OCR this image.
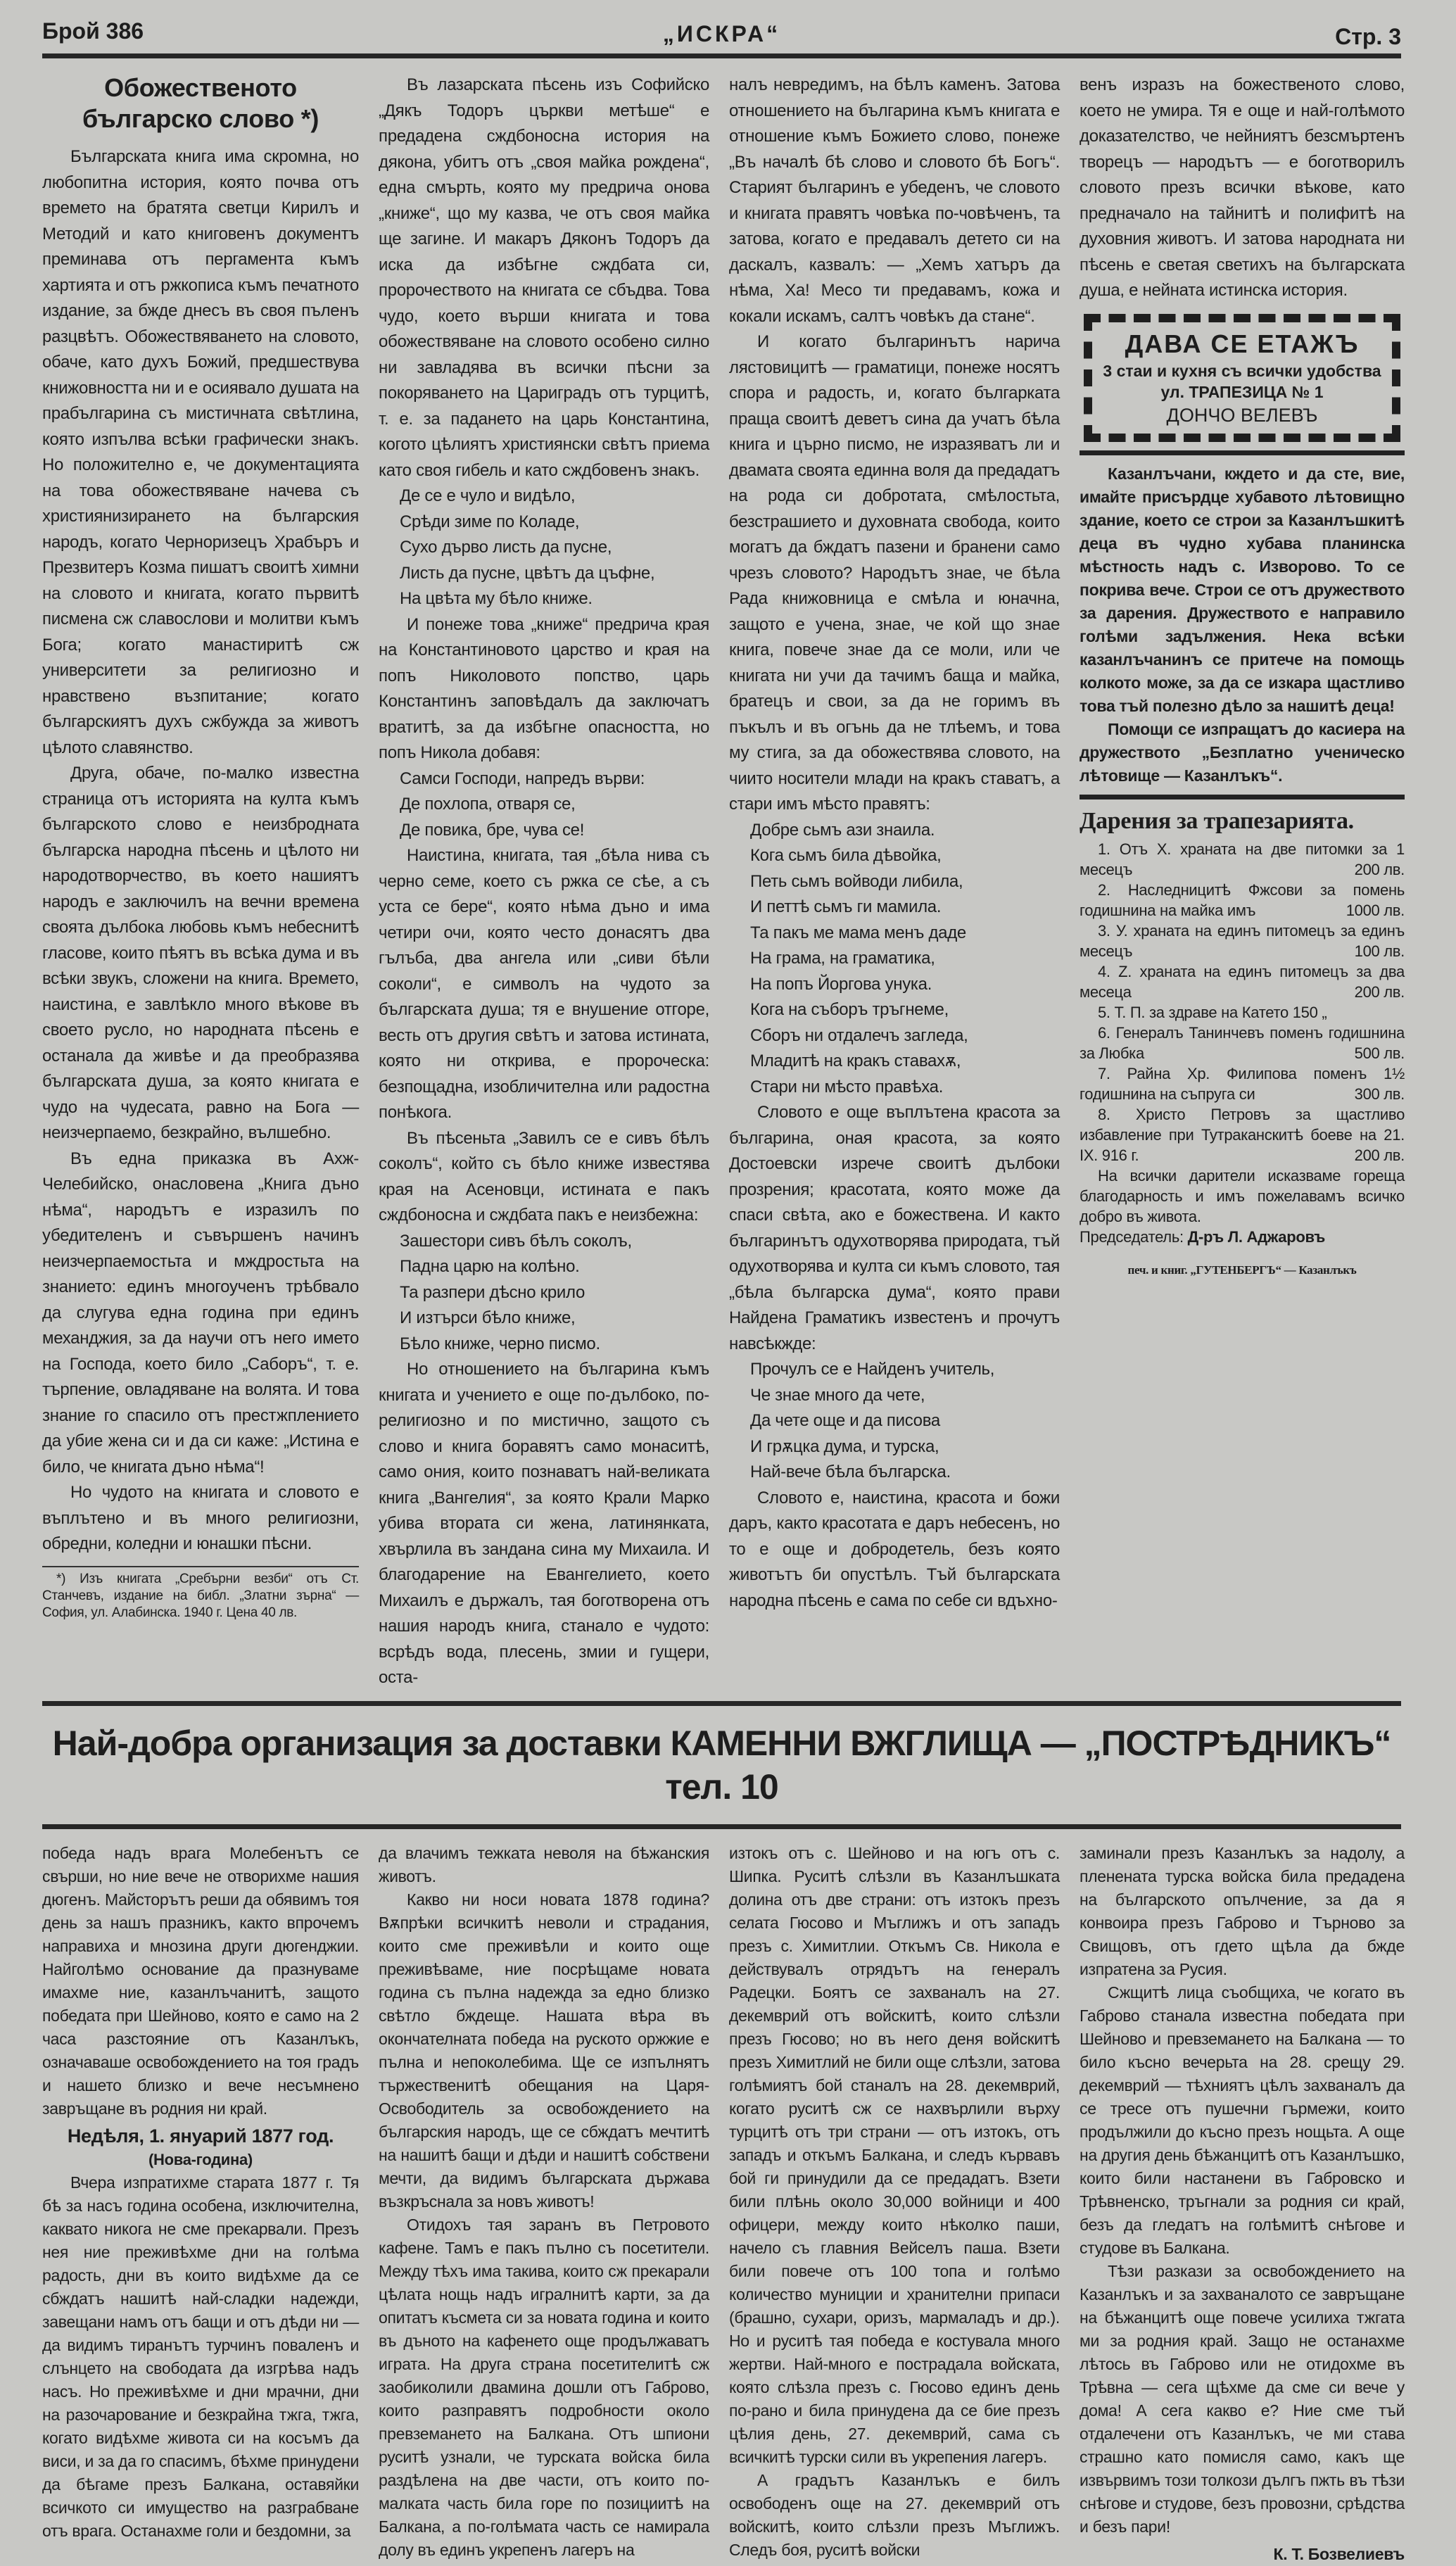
Брой 386	„ИСКРА“	Стр. 3
Обожественото българско слово *)

Българската книга има скромна, но любопитна история, която почва отъ времето на братята светци Кирилъ и Методий и като книговенъ документъ преминава отъ пергамента къмъ хартията и отъ ржкописа къмъ печатното издание, за бжде днесъ въ своя пъленъ разцвѣтъ. Обожествяването на словото, обаче, като духъ Божий, предшествува книжовността ни и е осиявало душата на прабългарина съ мистичната свѣтлина, която изпълва всѣки графически знакъ. Но положително е, че документацията на това обожествяване начева съ християнизирането на българския народъ, когато Черноризецъ Храбъръ и Презвитеръ Козма пишатъ своитѣ химни на словото и книгата, когато първитѣ писмена сж славослови и молитви къмъ Бога; когато манастиритѣ сж университети за религиозно и нравствено възпитание; когато българскиятъ духъ сжбужда за животъ цѣлото славянство.

Друга, обаче, по-малко известна страница отъ историята на култа къмъ българското слово е неизбродната българска народна пѣсень и цѣлото ни народотворчество, въ което нашиятъ народъ е заключилъ на вечни времена своята дълбока любовь къмъ небеснитѣ гласове, които пѣятъ въ всѣка дума и въ всѣки звукъ, сложени на книга. Времето, наистина, е завлѣкло много вѣкове въ своето русло, но народната пѣсень е останала да живѣе и да преобразява българската душа, за която книгата е чудо на чудесата, равно на Бога — неизчерпаемо, безкрайно, вълшебно.

Въ една приказка въ Ахж-Челебийско, онасловена „Книга дъно нѣма“, народътъ е изразилъ по убедителенъ и съвършенъ начинъ неизчерпаемостьта и мждростьта на знанието: единъ многоученъ трѣбвало да слугува една година при единъ механджия, за да научи отъ него името на Господа, което било „Саборъ“, т. е. търпение, овладяване на волята. И това знание го спасило отъ престжплението да убие жена си и да си каже: „Истина е било, че книгата дъно нѣма“!

Но чудото на книгата и словото е въплътено и въ много религиозни, обредни, коледни и юнашки пѣсни.

*) Изъ книгата „Сребърни везби“ отъ Ст. Станчевъ, издание на библ. „Златни зърна“ — София, ул. Алабинска. 1940 г. Цена 40 лв.

Въ лазарската пѣсень изъ Софийско „Дякъ Тодоръ църкви метѣше“ е предадена сждбоносна история на дякона, убитъ отъ „своя майка рождена“, една смърть, която му предрича онова „книже“, що му казва, че отъ своя майка ще загине. И макаръ Дяконъ Тодоръ да иска да избѣгне сждбата си, пророчеството на книгата се сбъдва. Това чудо, което върши книгата и това обожествяване на словото особено силно ни завладява въ всички пѣсни за покоряването на Цариградъ отъ турцитѣ, т. е. за падането на царь Константина, когото цѣлиятъ християнски свѣтъ приема като своя гибель и като сждбовенъ знакъ.

Де се е чуло и видѣло,
Срѣди зиме по Коладе,
Сухо дърво листь да пусне,
Листь да пусне, цвѣтъ да цъфне,
На цвѣта му бѣло книже.

И понеже това „книже“ предрича края на Константиновото царство и края на попъ Николовото попство, царь Константинъ заповѣдалъ да заключатъ вратитѣ, за да избѣгне опасността, но попъ Никола добавя:

Самси Господи, напредъ върви:
Де похлопа, отваря се,
Де повика, бре, чува се!

Наистина, книгата, тая „бѣла нива съ черно семе, което съ ржка се сѣе, а съ уста се бере“, която нѣма дъно и има четири очи, която често донасятъ два гълъба, два ангела или „сиви бѣли соколи“, е символъ на чудото за българската душа; тя е внушение отгоре, весть отъ другия свѣтъ и затова истината, която ни открива, е пророческа: безпощадна, изобличителна или радостна понѣкога.

Въ пѣсеньта „Завилъ се е сивъ бѣлъ соколъ“, който съ бѣло книже известява края на Асеновци, истината е пакъ сждбоносна и сждбата пакъ е неизбежна:

Зашестори сивъ бѣлъ соколъ,
Падна царю на колѣно.
Та разпери дѣсно крило
И изтърси бѣло книже,
Бѣло книже, черно писмо.

Но отношението на българина къмъ книгата и учението е още по-дълбоко, по-религиозно и по мистично, защото съ слово и книга боравятъ само монаситѣ, само ония, които познаватъ най-великата книга „Вангелия“, за която Крали Марко убива втората си жена, латинянката, хвърлила въ зандана сина му Михаила. И благодарение на Евангелието, което Михаилъ е държалъ, тая боготворена отъ нашия народъ книга, станало е чудото: всрѣдъ вода, плесень, змии и гущери, оста-

налъ невредимъ, на бѣлъ каменъ. Затова отношението на българина къмъ книгата е отношение къмъ Божието слово, понеже „Въ началѣ бѣ слово и словото бѣ Богъ“. Старият българинъ е убеденъ, че словото и книгата правятъ човѣка по-човѣченъ, та затова, когато е предавалъ детето си на даскалъ, казвалъ: — „Хемъ хатъръ да нѣма, Ха! Месо ти предавамъ, кожа и кокали искамъ, салтъ човѣкъ да стане“.

И когато българинътъ нарича лястовицитѣ — граматици, понеже носятъ спора и радость, и, когато българката праща своитѣ деветъ сина да учатъ бѣла книга и църно писмо, не изразяватъ ли и двамата своята единна воля да предадатъ на рода си добротата, смѣлостьта, безстрашието и духовната свобода, които могатъ да бждатъ пазени и бранени само чрезъ словото? Народътъ знае, че бѣла Рада книжовница е смѣла и юначна, защото е учена, знае, че кой що знае книга, повече знае да се моли, или че книгата ни учи да тачимъ баща и майка, братецъ и свои, за да не горимъ въ пъкълъ и въ огънь да не тлѣемъ, и това му стига, за да обожествява словото, на чиито носители млади на кракъ ставатъ, а стари имъ мѣсто правятъ:

Добре сьмъ ази знаила.
Кога сьмъ била дѣвойка,
Петь сьмъ войводи либила,
И петтѣ сьмъ ги мамила.
Та пакъ ме мама менъ даде
На грама, на граматика,
На попъ Йоргова унука.
Кога на съборъ тръгнеме,
Сборъ ни отдалечъ загледа,
Младитѣ на кракъ ставахѫ,
Стари ни мѣсто правѣха.

Словото е още въплътена красота за българина, оная красота, за която Достоевски изрече своитѣ дълбоки прозрения; красотата, която може да спаси свѣта, ако е божествена. И както българинътъ одухотворява природата, тъй одухотворява и култа си къмъ словото, тая „бѣла българска дума“, която прави Найдена Граматикъ известенъ и прочутъ навсѣкжде:

Прочулъ се е Найденъ учитель,
Че знае много да чете,
Да чете още и да писова
И грѫцка дума, и турска,
Най-вече бѣла българска.

Словото е, наистина, красота и божи даръ, както красотата е даръ небесенъ, но то е още и добродетель, безъ която животътъ би опустѣлъ. Тъй българската народна пѣсень е сама по себе си вдъхно-

венъ изразъ на божественото слово, което не умира. Тя е още и най-голѣмото доказателство, че нейниятъ безсмъртенъ творецъ — народътъ — е боготворилъ словото презъ всички вѣкове, като предначало на тайнитѣ и полифитѣ на духовния животъ. И затова народната ни пѣсень е светая светихъ на българската душа, е нейната истинска история.

ДАВА СЕ ЕТАЖЪ
3 стаи и кухня съ всички удобства
ул. ТРАПЕЗИЦА № 1
ДОНЧО ВЕЛЕВЪ

Казанлъчани, кждето и да сте, вие, имайте присърдце хубавото лѣтовищно здание, което се строи за Казанлъшкитѣ деца въ чудно хубава планинска мѣстность надъ с. Изворово. То се покрива вече. Строи се отъ дружеството за дарения. Дружеството е направило голѣми задължения. Нека всѣки казанлъчанинъ се притече на помощь колкото може, за да се изкара щастливо това тъй полезно дѣло за нашитѣ деца!

Помощи се изпращатъ до касиера на дружеството „Безплатно ученическо лѣтовище — Казанлъкъ“.

Дарения за трапезарията.

1. Отъ Х. храната на две питомки за 1 месецъ	200 лв.

2. Наследницитѣ Фжсови за помень годишнина на майка имъ	1000 лв.

3. У. храната на единъ питомецъ за единъ месецъ	100 лв.

4. Z. храната на единъ питомецъ за два месеца	200 лв.

5. Т. П. за здраве на Катето 150 „

6. Генералъ Танинчевъ поменъ годишнина за Любка	500 лв.

7. Райна Хр. Филипова поменъ 1½ годишнина на съпруга си	300 лв.

8. Христо Петровъ за щастливо избавление при Тутраканскитѣ боеве на 21. IX. 916 г.	200 лв.

На всички дарители исказваме гореща благодарность и имъ пожелавамъ всичко добро въ живота.

Председатель: Д-ръ Л. Аджаровъ

печ. и книг. „ГУТЕНБЕРГЪ“ — Казанлъкъ

Най-добра организация за доставки КАМЕННИ ВЖГЛИЩА — „ПОСТРѢДНИКЪ“ тел. 10

победа надъ врага Молебенътъ се свърши, но ние вече не отворихме нашия дюгенъ. Майсторътъ реши да обявимъ тоя день за нашъ празникъ, както впрочемъ направиха и мнозина други дюгенджии. Найголѣмо основание да празнуваме имахме ние, казанлъчанитѣ, защото победата при Шейново, която е само на 2 часа разстояние отъ Казанлъкъ, означаваше освобождението на тоя градъ и нашето близко и вече несъмнено завръщане въ родния ни край.

Недѣля, 1. януарий 1877 год.

(Нова-година)

Вчера изпратихме старата 1877 г. Тя бѣ за насъ година особена, изключителна, каквато никога не сме прекарвали. Презъ нея ние преживѣхме дни на голѣма радость, дни въ които видѣхме да се сбждатъ нашитѣ най-сладки надежди, завещани намъ отъ бащи и отъ дѣди ни — да видимъ тиранътъ турчинъ поваленъ и слънцето на свободата да изгрѣва надъ насъ. Но преживѣхме и дни мрачни, дни на разочарование и безкрайна тжга, тжга, когато видѣхме живота си на косъмъ да виси, и за да го спасимъ, бѣхме принудени да бѣгаме презъ Балкана, оставяйки всичкото си имущество на разграбване отъ врага. Останахме голи и бездомни, за

да влачимъ тежката неволя на бѣжанския животъ.

Какво ни носи новата 1878 година? Вѫпрѣки всичкитѣ неволи и страдания, които сме преживѣли и които още преживѣваме, ние посрѣщаме новата година съ пълна надежда за едно близко свѣтло бждеще. Нашата вѣра въ окончателната победа на руското оржжие е пълна и непоколебима. Ще се изпълнятъ тържественитѣ обещания на Царя-Освободитель за освобождението на българския народъ, ще се сбждатъ мечтитѣ на нашитѣ бащи и дѣди и нашитѣ собствени мечти, да видимъ българската държава възкръснала за новъ животъ!

Отидохъ тая заранъ въ Петровото кафене. Тамъ е пакъ пълно съ посетители. Между тѣхъ има такива, които сж прекарали цѣлата нощь надъ игралнитѣ карти, за да опитатъ късмета си за новата година и които въ дъното на кафенето още продължаватъ играта. На друга страна посетителитѣ сж заобиколили двамина дошли отъ Габрово, които разправятъ подробности около превземането на Балкана. Отъ шпиони руситѣ узнали, че турската войска била раздѣлена на две части, отъ които по-малката часть била горе по позициитѣ на Балкана, а по-голѣмата часть се намирала долу въ единъ укрепенъ лагеръ на

изтокъ отъ с. Шейново и на югъ отъ с. Шипка. Руситѣ слѣзли въ Казанлъшката долина отъ две страни: отъ изтокъ презъ селата Гюсово и Мъглижъ и отъ западъ презъ с. Химитлии. Откъмъ Св. Никола е действувалъ отрядътъ на генералъ Радецки. Боятъ се захваналъ на 27. декемврий отъ войскитѣ, които слѣзли презъ Гюсово; но въ него деня войскитѣ презъ Химитлий не били още слѣзли, затова голѣмиятъ бой станалъ на 28. декемврий, когато руситѣ сж се нахвърлили върху турцитѣ отъ три страни — отъ изтокъ, отъ западъ и откъмъ Балкана, и следъ кървавъ бой ги принудили да се предадатъ. Взети били плѣнь около 30,000 войници и 400 офицери, между които нѣколко паши, начело съ главния Вейселъ паша. Взети били повече отъ 100 топа и голѣмо количество муниции и хранителни припаси (брашно, сухари, оризъ, мармаладъ и др.). Но и руситѣ тая победа е костувала много жертви. Най-много е пострадала войската, която слѣзла презъ с. Гюсово единъ день по-рано и била принудена да се бие презъ цѣлия день, 27. декемврий, сама съ всичкитѣ турски сили въ укрепения лагеръ.

А градътъ Казанлъкъ е билъ освободенъ още на 27. декемврий отъ войскитѣ, които слѣзли презъ Мъглижъ. Следъ боя, руситѣ войски

заминали презъ Казанлъкъ за надолу, а пленената турска войска била предадена на българското опълчение, за да я конвоира презъ Габрово и Търново за Свищовъ, отъ гдето щѣла да бжде изпратена за Русия.

Сжщитѣ лица съобщиха, че когато въ Габрово станала известна победата при Шейново и превземането на Балкана — то било късно вечерьта на 28. срещу 29. декемврий — тѣхниятъ цѣлъ захваналъ да се тресе отъ пушечни гърмежи, които продължили до късно презъ нощьта. А още на другия день бѣжанцитѣ отъ Казанлъшко, които били настанени въ Габровско и Трѣвненско, тръгнали за родния си край, безъ да гледатъ на голѣмитѣ снѣгове и студове въ Балкана.

Тѣзи разкази за освобождението на Казанлъкъ и за захваналото се завръщане на бѣжанцитѣ още повече усилиха тжгата ми за родния край. Защо не останахме лѣтось въ Габрово или не отидохме въ Трѣвна — сега щѣхме да сме си вече у дома! А сега какво е? Ние сме тъй отдалечени отъ Казанлъкъ, че ми става страшно като помисля само, какъ ще извървимъ този толкози дългъ пжть въ тѣзи снѣгове и студове, безъ провозни, срѣдства и безъ пари!

К. Т. Бозвелиевъ
